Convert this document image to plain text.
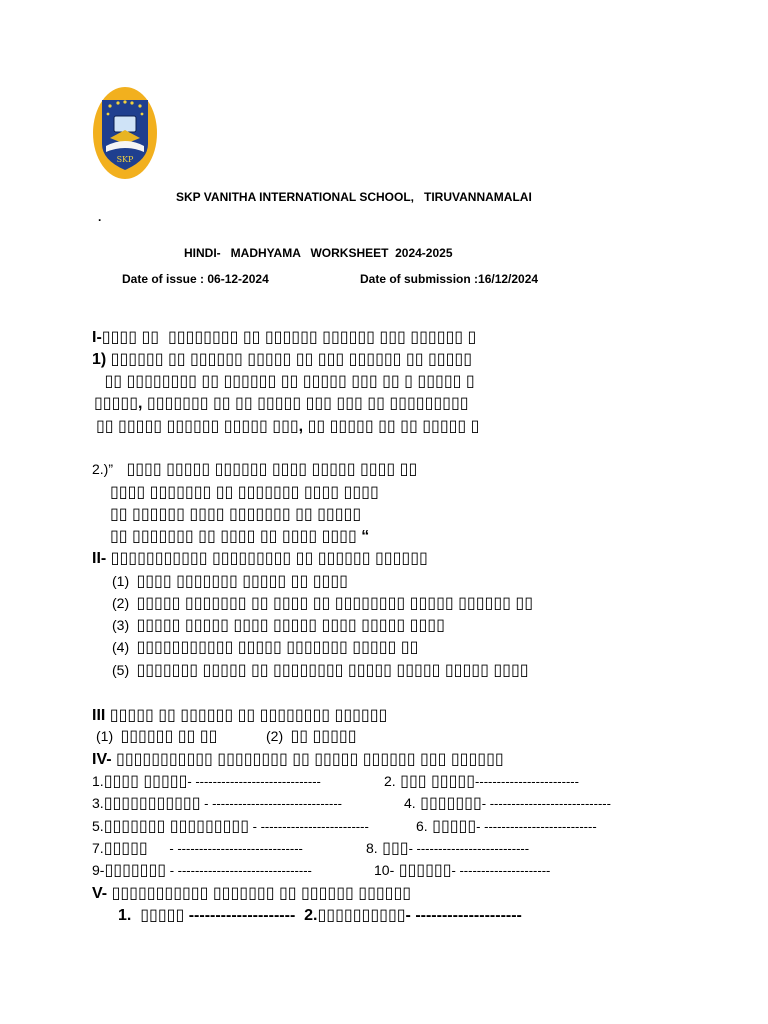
SKP
SKP VANITHA INTERNATIONAL SCHOOL,   TIRUVANNAMALAI
.
HINDI-   MADHYAMA   WORKSHEET  2024-2025
Date of issue : 06-12-2024	Date of submission :16/12/2024
I-▯▯▯▯ ▯▯  ▯▯▯▯▯▯▯▯ ▯▯ ▯▯▯▯▯▯ ▯▯▯▯▯▯ ▯▯▯ ▯▯▯▯▯▯ ▯
1) ▯▯▯▯▯▯ ▯▯ ▯▯▯▯▯▯ ▯▯▯▯▯ ▯▯ ▯▯▯ ▯▯▯▯▯▯ ▯▯ ▯▯▯▯▯
▯▯ ▯▯▯▯▯▯▯▯ ▯▯ ▯▯▯▯▯▯ ▯▯ ▯▯▯▯▯ ▯▯▯ ▯▯ ▯ ▯▯▯▯▯ ▯
▯▯▯▯▯, ▯▯▯▯▯▯▯ ▯▯ ▯▯ ▯▯▯▯▯ ▯▯▯ ▯▯▯ ▯▯ ▯▯▯▯▯▯▯▯▯
▯▯ ▯▯▯▯▯ ▯▯▯▯▯▯ ▯▯▯▯▯ ▯▯▯, ▯▯ ▯▯▯▯▯ ▯▯ ▯▯ ▯▯▯▯▯ ▯
2.)” ▯▯▯▯ ▯▯▯▯▯ ▯▯▯▯▯▯ ▯▯▯▯ ▯▯▯▯▯ ▯▯▯▯ ▯▯
▯▯▯▯ ▯▯▯▯▯▯▯ ▯▯ ▯▯▯▯▯▯▯ ▯▯▯▯ ▯▯▯▯
▯▯ ▯▯▯▯▯▯ ▯▯▯▯ ▯▯▯▯▯▯▯ ▯▯ ▯▯▯▯▯
▯▯ ▯▯▯▯▯▯▯ ▯▯ ▯▯▯▯ ▯▯ ▯▯▯▯ ▯▯▯▯ “
II- ▯▯▯▯▯▯▯▯▯▯▯ ▯▯▯▯▯▯▯▯▯ ▯▯ ▯▯▯▯▯▯ ▯▯▯▯▯▯
(1) ▯▯▯▯ ▯▯▯▯▯▯▯ ▯▯▯▯▯ ▯▯ ▯▯▯▯
(2) ▯▯▯▯▯ ▯▯▯▯▯▯▯ ▯▯ ▯▯▯▯ ▯▯ ▯▯▯▯▯▯▯▯ ▯▯▯▯▯ ▯▯▯▯▯▯ ▯▯
(3) ▯▯▯▯▯ ▯▯▯▯▯ ▯▯▯▯ ▯▯▯▯▯ ▯▯▯▯ ▯▯▯▯▯ ▯▯▯▯
(4) ▯▯▯▯▯▯▯▯▯▯▯ ▯▯▯▯▯ ▯▯▯▯▯▯▯ ▯▯▯▯▯ ▯▯
(5) ▯▯▯▯▯▯▯ ▯▯▯▯▯ ▯▯ ▯▯▯▯▯▯▯▯ ▯▯▯▯▯ ▯▯▯▯▯ ▯▯▯▯▯ ▯▯▯▯
III ▯▯▯▯▯ ▯▯ ▯▯▯▯▯▯ ▯▯ ▯▯▯▯▯▯▯▯ ▯▯▯▯▯▯
(1) ▯▯▯▯▯▯ ▯▯ ▯▯	(2) ▯▯ ▯▯▯▯▯
IV- ▯▯▯▯▯▯▯▯▯▯▯ ▯▯▯▯▯▯▯▯ ▯▯ ▯▯▯▯▯ ▯▯▯▯▯▯ ▯▯▯ ▯▯▯▯▯▯
1.▯▯▯▯ ▯▯▯▯▯- -----------------------------	2. ▯▯▯ ▯▯▯▯▯------------------------
3.▯▯▯▯▯▯▯▯▯▯▯ - ------------------------------	4. ▯▯▯▯▯▯▯- ----------------------------
5.▯▯▯▯▯▯▯ ▯▯▯▯▯▯▯▯▯ - -------------------------	6. ▯▯▯▯▯- --------------------------
7.▯▯▯▯▯      - -----------------------------	8. ▯▯▯- --------------------------
9-▯▯▯▯▯▯▯ - -------------------------------	10- ▯▯▯▯▯▯- ---------------------
V- ▯▯▯▯▯▯▯▯▯▯▯ ▯▯▯▯▯▯▯ ▯▯ ▯▯▯▯▯▯ ▯▯▯▯▯▯
1.  ▯▯▯▯▯ --------------------  2.▯▯▯▯▯▯▯▯▯▯- --------------------
